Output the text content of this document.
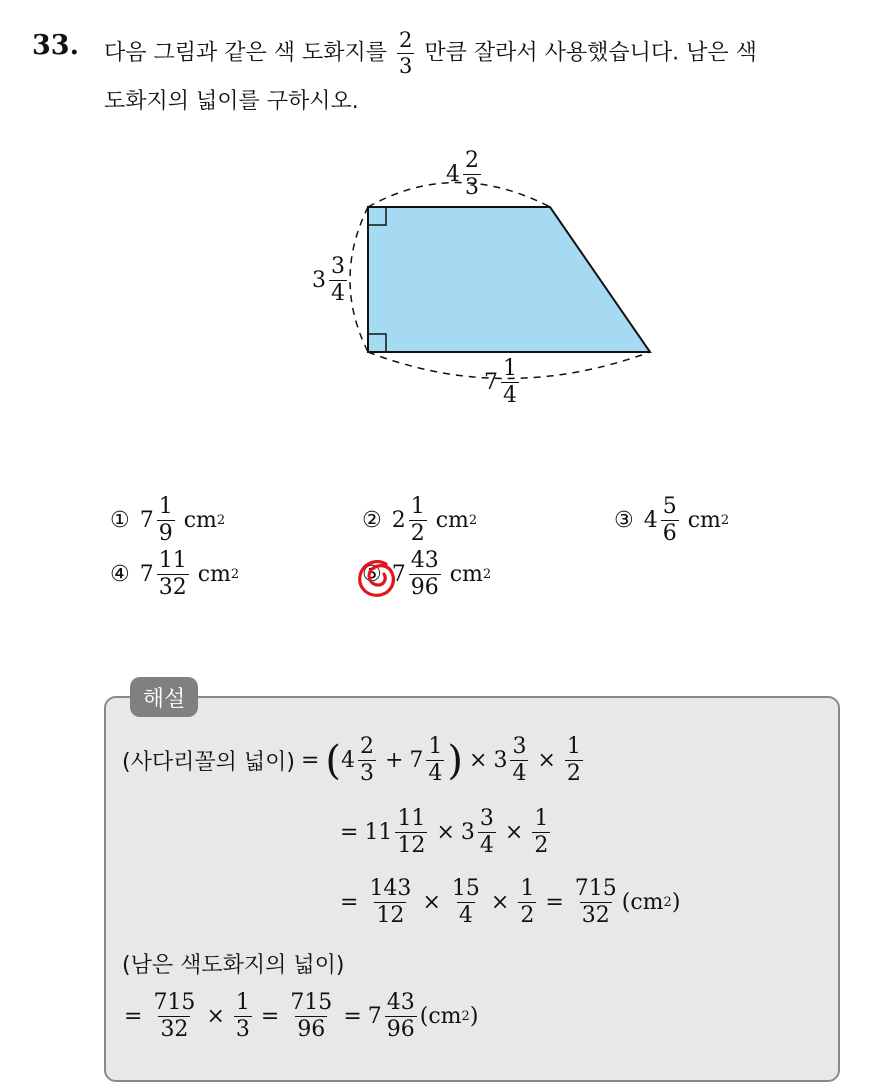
33. 다음 그림과 같은 색 도화지를 $\frac{2}{3}$ 만큼 잘라서 사용했습니다. 남은 색
도화지의 넓이를 구하시오.
$4 \frac{2}{3}$
$3 \frac{3}{4}$
$7 \frac{1}{4}$
① $7 \frac{1}{9}$ cm 2	② $2 \frac{1}{2}$ cm 2	③ $4 \frac{5}{6}$ cm 2
④ $7 \frac{11}{32}$ cm 2	⑤ $7 \frac{43}{96}$ cm 2
해설
(사다리꼴의 넓이) = ( $4 \frac{2}{3} + 7 \frac{1}{4}$ ) × $3 \frac{3}{4} \times \frac{1}{2}$
= $11 \frac{11}{12} \times 3 \frac{3}{4} \times \frac{1}{2}$
= $\frac{143}{12} \times \frac{15}{4} \times \frac{1}{2} = \frac{715}{32}$ ( cm 2 )
(남은 색도화지의 넓이)
= $\frac{715}{32} \times \frac{1}{3} = \frac{715}{96} = 7 \frac{43}{96}$ ( cm 2 )
